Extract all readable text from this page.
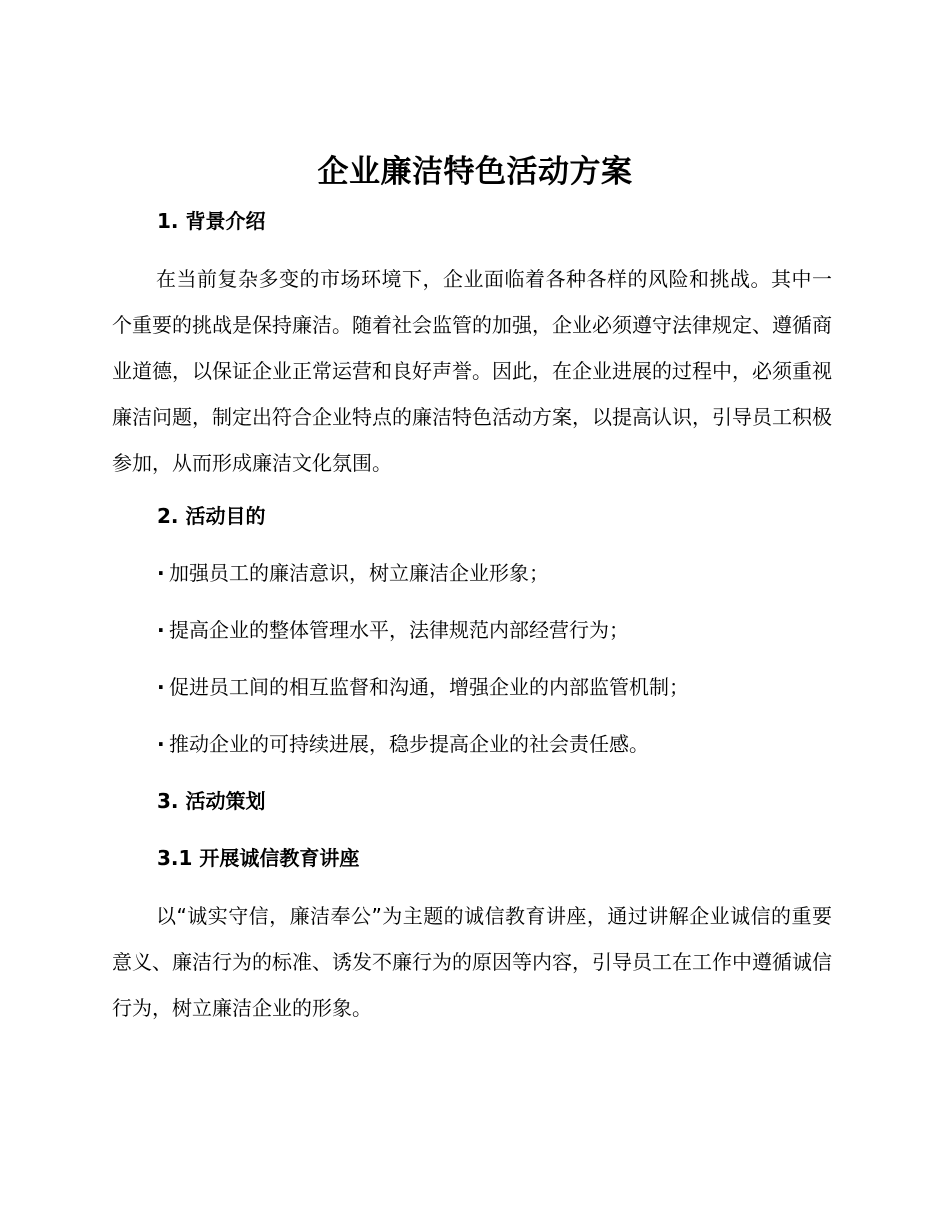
企业廉洁特色活动方案
1. 背景介绍

在当前复杂多变的市场环境下，企业面临着各种各样的风险和挑战。其中一个重要的挑战是保持廉洁。随着社会监管的加强，企业必须遵守法律规定、遵循商业道德，以保证企业正常运营和良好声誉。因此，在企业进展的过程中，必须重视廉洁问题，制定出符合企业特点的廉洁特色活动方案，以提高认识，引导员工积极参加，从而形成廉洁文化氛围。

2. 活动目的
· 加强员工的廉洁意识，树立廉洁企业形象；
· 提高企业的整体管理水平，法律规范内部经营行为；
· 促进员工间的相互监督和沟通，增强企业的内部监管机制；
· 推动企业的可持续进展，稳步提高企业的社会责任感。
3. 活动策划
3.1 开展诚信教育讲座

以“诚实守信，廉洁奉公”为主题的诚信教育讲座，通过讲解企业诚信的重要意义、廉洁行为的标准、诱发不廉行为的原因等内容，引导员工在工作中遵循诚信行为，树立廉洁企业的形象。
